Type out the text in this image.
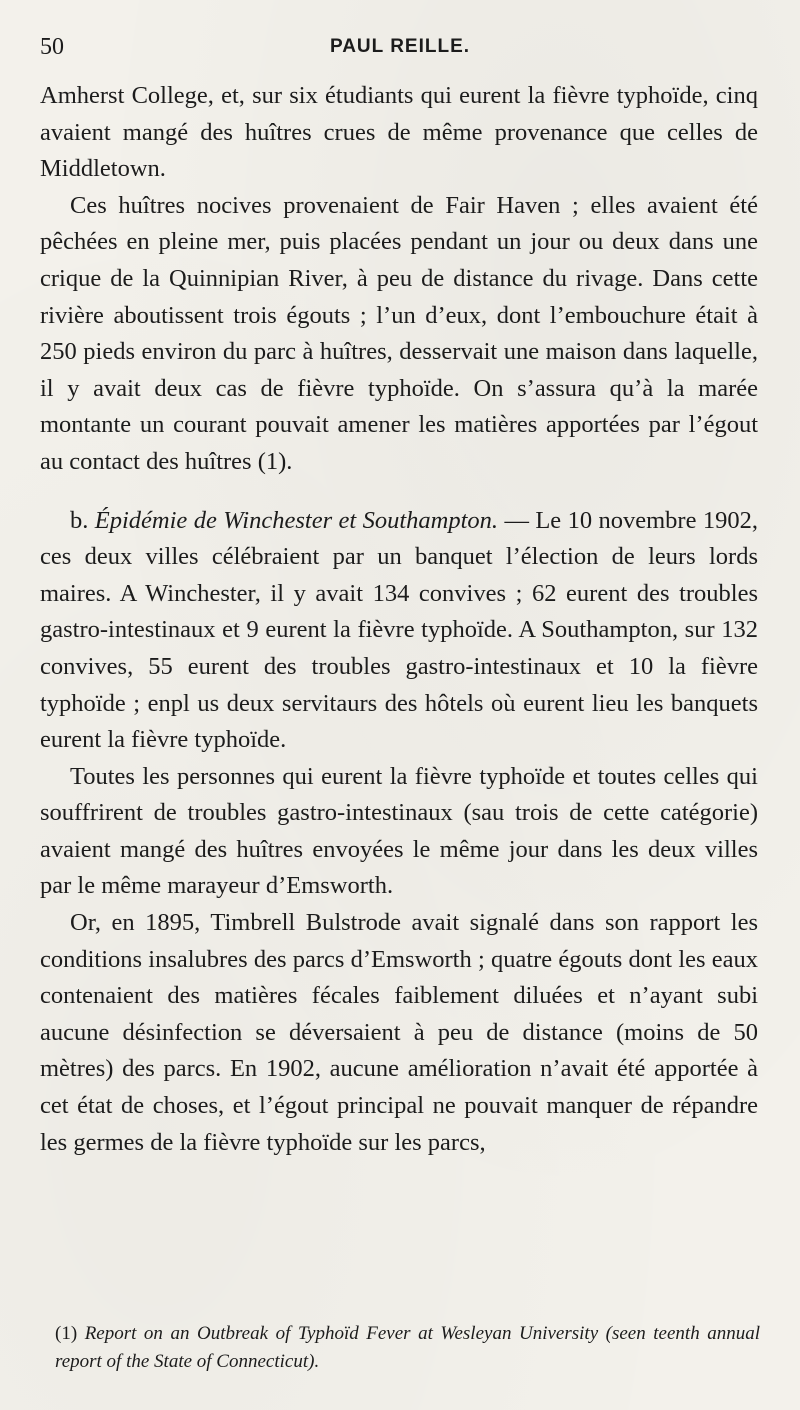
50	PAUL REILLE.

Amherst College, et, sur six étudiants qui eurent la fièvre typhoïde, cinq avaient mangé des huîtres crues de même provenance que celles de Middletown.

Ces huîtres nocives provenaient de Fair Haven ; elles avaient été pêchées en pleine mer, puis placées pendant un jour ou deux dans une crique de la Quinnipian River, à peu de distance du rivage. Dans cette rivière aboutissent trois égouts ; l’un d’eux, dont l’embouchure était à 250 pieds environ du parc à huîtres, desservait une maison dans laquelle, il y avait deux cas de fièvre typhoïde. On s’assura qu’à la marée montante un courant pouvait amener les matières apportées par l’égout au contact des huîtres (1).

b. Épidémie de Winchester et Southampton. — Le 10 novembre 1902, ces deux villes célébraient par un banquet l’élection de leurs lords maires. A Winchester, il y avait 134 convives ; 62 eurent des troubles gastro-intestinaux et 9 eurent la fièvre typhoïde. A Southampton, sur 132 convives, 55 eurent des troubles gastro-intestinaux et 10 la fièvre typhoïde ; enpl us deux servitaurs des hôtels où eurent lieu les banquets eurent la fièvre typhoïde.

Toutes les personnes qui eurent la fièvre typhoïde et toutes celles qui souffrirent de troubles gastro-intestinaux (sau trois de cette catégorie) avaient mangé des huîtres envoyées le même jour dans les deux villes par le même marayeur d’Emsworth.

Or, en 1895, Timbrell Bulstrode avait signalé dans son rapport les conditions insalubres des parcs d’Emsworth ; quatre égouts dont les eaux contenaient des matières fécales faiblement diluées et n’ayant subi aucune désinfection se déversaient à peu de distance (moins de 50 mètres) des parcs. En 1902, aucune amélioration n’avait été apportée à cet état de choses, et l’égout principal ne pouvait manquer de répandre les germes de la fièvre typhoïde sur les parcs,

(1) Report on an Outbreak of Typhoïd Fever at Wesleyan University (seen teenth annual report of the State of Connecticut).
